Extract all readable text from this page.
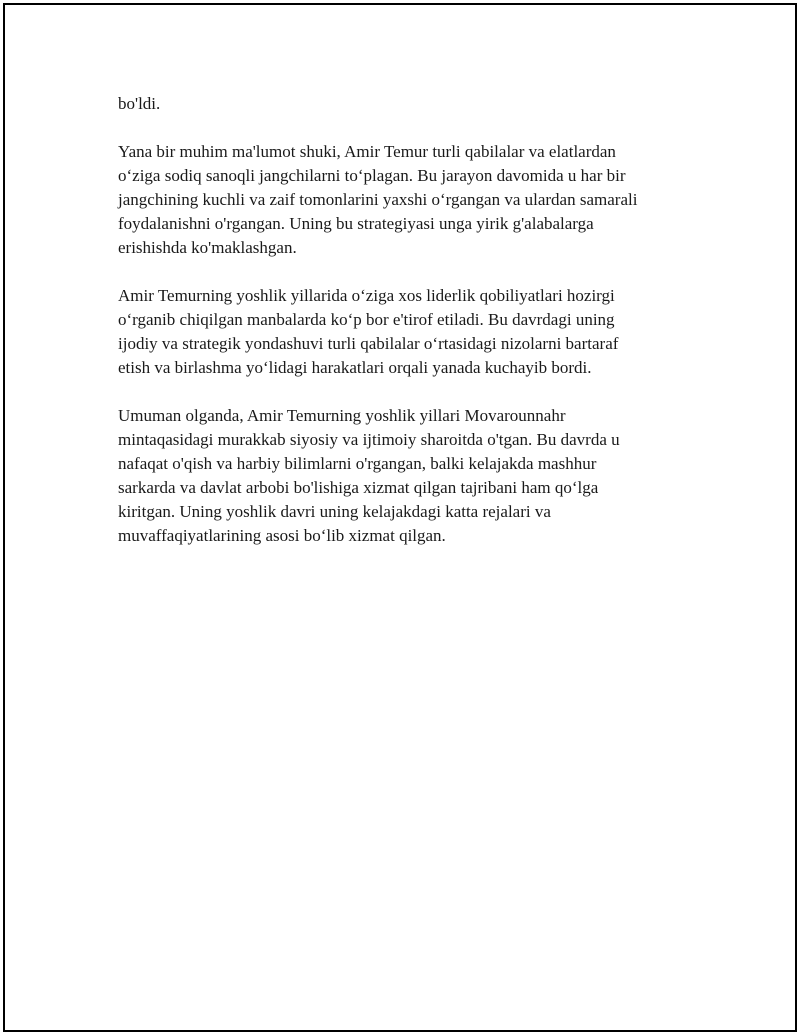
bo'ldi.

Yana bir muhim ma'lumot shuki, Amir Temur turli qabilalar va elatlardan
o‘ziga sodiq sanoqli jangchilarni to‘plagan. Bu jarayon davomida u har bir
jangchining kuchli va zaif tomonlarini yaxshi o‘rgangan va ulardan samarali
foydalanishni o'rgangan. Uning bu strategiyasi unga yirik g'alabalarga
erishishda ko'maklashgan.

Amir Temurning yoshlik yillarida o‘ziga xos liderlik qobiliyatlari hozirgi
o‘rganib chiqilgan manbalarda ko‘p bor e'tirof etiladi. Bu davrdagi uning
ijodiy va strategik yondashuvi turli qabilalar o‘rtasidagi nizolarni bartaraf
etish va birlashma yo‘lidagi harakatlari orqali yanada kuchayib bordi.

Umuman olganda, Amir Temurning yoshlik yillari Movarounnahr
mintaqasidagi murakkab siyosiy va ijtimoiy sharoitda o'tgan. Bu davrda u
nafaqat o'qish va harbiy bilimlarni o'rgangan, balki kelajakda mashhur
sarkarda va davlat arbobi bo'lishiga xizmat qilgan tajribani ham qo‘lga
kiritgan. Uning yoshlik davri uning kelajakdagi katta rejalari va
muvaffaqiyatlarining asosi bo‘lib xizmat qilgan.
